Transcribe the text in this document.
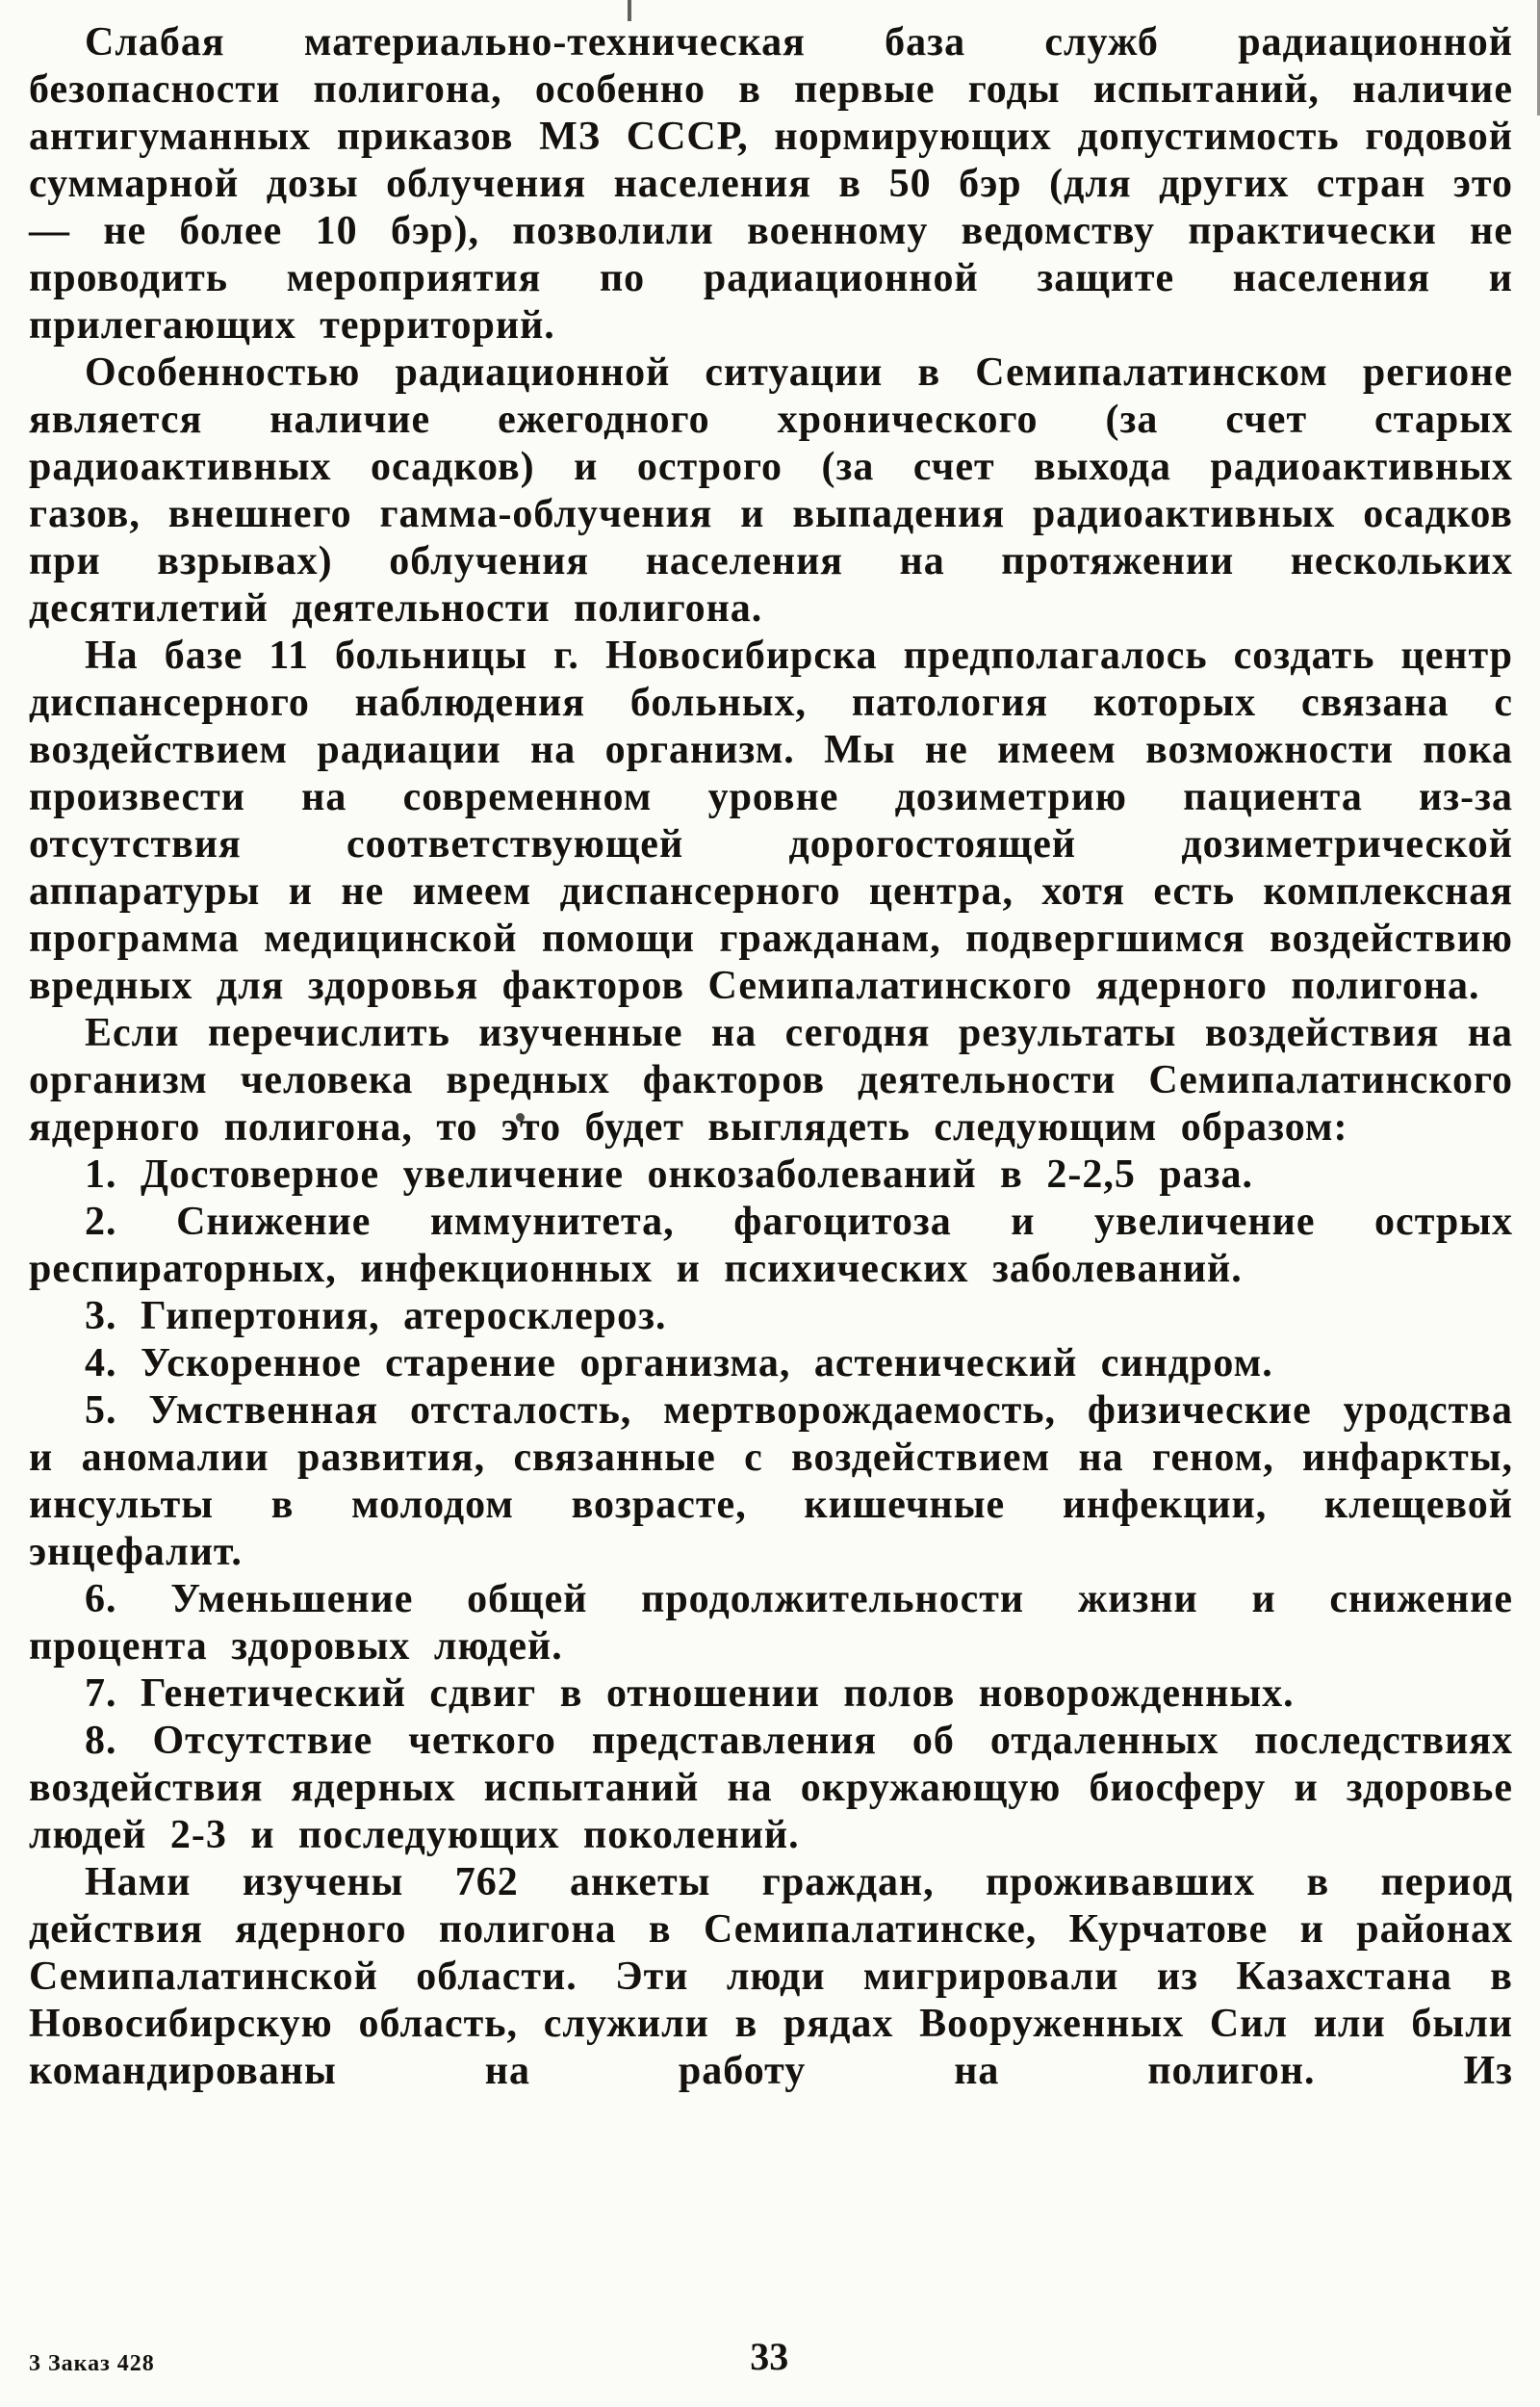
Слабая материально-техническая база служб радиационной безопасности полигона, особенно в первые годы испытаний, наличие антигуманных приказов МЗ СССР, нормирующих допустимость годовой суммарной дозы облучения населения в 50 бэр (для других стран это — не более 10 бэр), позволили военному ведомству практически не проводить мероприятия по радиационной защите населения и прилегающих территорий.

Особенностью радиационной ситуации в Семипалатинском регионе является наличие ежегодного хронического (за счет старых радиоактивных осадков) и острого (за счет выхода радиоактивных газов, внешнего гамма-облучения и выпадения радиоактивных осадков при взрывах) облучения населения на протяжении нескольких десятилетий деятельности полигона.

На базе 11 больницы г. Новосибирска предполагалось создать центр диспансерного наблюдения больных, патология которых связана с воздействием радиации на организм. Мы не имеем возможности пока произвести на современном уровне дозиметрию пациента из-за отсутствия соответствующей дорогостоящей дозиметрической аппаратуры и не имеем диспансерного центра, хотя есть комплексная программа медицинской помощи гражданам, подвергшимся воздействию вредных для здоровья факторов Семипалатинского ядерного полигона.

Если перечислить изученные на сегодня результаты воздействия на организм человека вредных факторов деятельности Семипалатинского ядерного полигона, то это будет выглядеть следующим образом:

1. Достоверное увеличение онкозаболеваний в 2-2,5 раза.

2. Снижение иммунитета, фагоцитоза и увеличение острых респираторных, инфекционных и психических заболеваний.

3. Гипертония, атеросклероз.

4. Ускоренное старение организма, астенический синдром.

5. Умственная отсталость, мертворождаемость, физические уродства и аномалии развития, связанные с воздействием на геном, инфаркты, инсульты в молодом возрасте, кишечные инфекции, клещевой энцефалит.

6. Уменьшение общей продолжительности жизни и снижение процента здоровых людей.

7. Генетический сдвиг в отношении полов новорожденных.

8. Отсутствие четкого представления об отдаленных последствиях воздействия ядерных испытаний на окружающую биосферу и здоровье людей 2-3 и последующих поколений.

Нами изучены 762 анкеты граждан, проживавших в период действия ядерного полигона в Семипалатинске, Курчатове и районах Семипалатинской области. Эти люди мигрировали из Казахстана в Новосибирскую область, служили в рядах Вооруженных Сил или были командированы на работу на полигон. Из

3 Заказ 428	33
